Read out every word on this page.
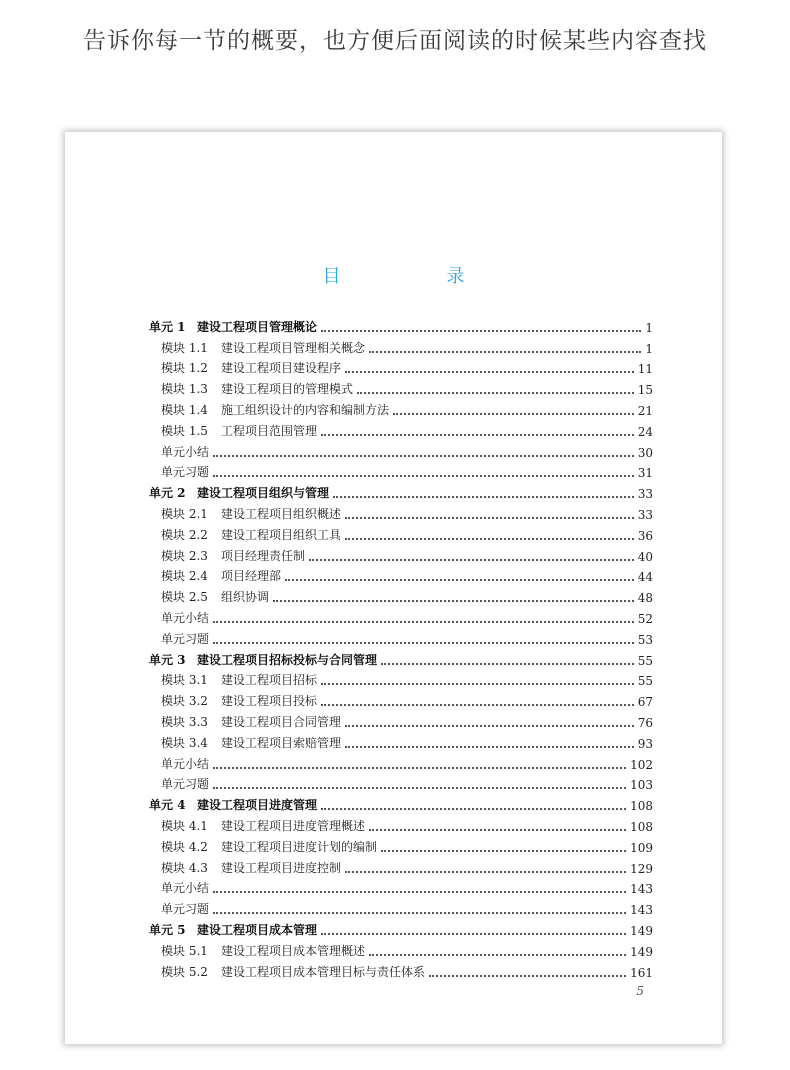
告诉你每一节的概要，也方便后面阅读的时候某些内容查找
目　录
单元 1 建设工程项目管理概论	1
模块 1.1 建设工程项目管理相关概念	1
模块 1.2 建设工程项目建设程序	11
模块 1.3 建设工程项目的管理模式	15
模块 1.4 施工组织设计的内容和编制方法	21
模块 1.5 工程项目范围管理	24
单元小结	30
单元习题	31
单元 2 建设工程项目组织与管理	33
模块 2.1 建设工程项目组织概述	33
模块 2.2 建设工程项目组织工具	36
模块 2.3 项目经理责任制	40
模块 2.4 项目经理部	44
模块 2.5 组织协调	48
单元小结	52
单元习题	53
单元 3 建设工程项目招标投标与合同管理	55
模块 3.1 建设工程项目招标	55
模块 3.2 建设工程项目投标	67
模块 3.3 建设工程项目合同管理	76
模块 3.4 建设工程项目索赔管理	93
单元小结	102
单元习题	103
单元 4 建设工程项目进度管理	108
模块 4.1 建设工程项目进度管理概述	108
模块 4.2 建设工程项目进度计划的编制	109
模块 4.3 建设工程项目进度控制	129
单元小结	143
单元习题	143
单元 5 建设工程项目成本管理	149
模块 5.1 建设工程项目成本管理概述	149
模块 5.2 建设工程项目成本管理目标与责任体系	161
5
